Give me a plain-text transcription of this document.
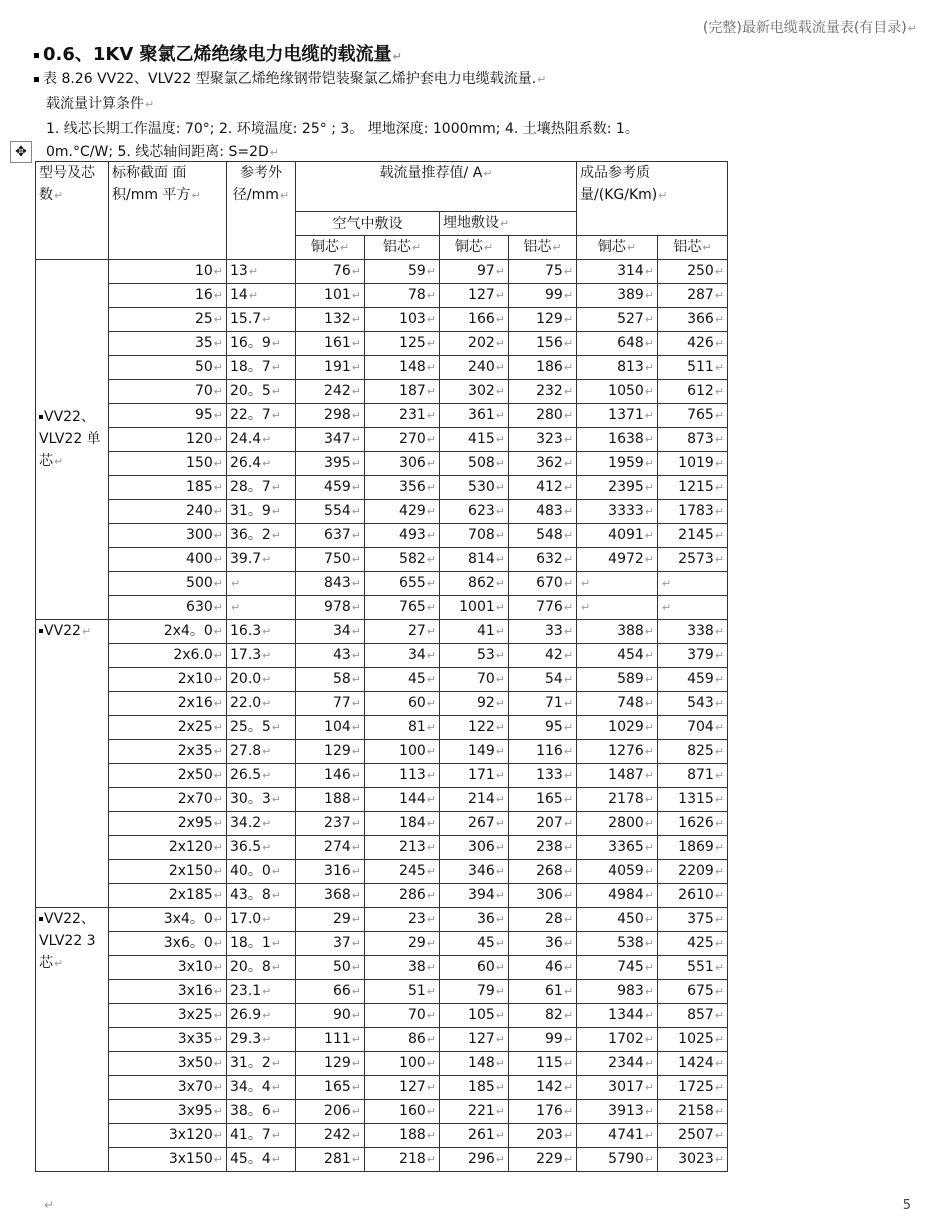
(完整)最新电缆载流量表(有目录)↵
0.6、1KV 聚氯乙烯绝缘电力电缆的载流量↵
表 8.26 VV22、VLV22 型聚氯乙烯绝缘钢带铠装聚氯乙烯护套电力电缆载流量.↵
载流量计算条件↵
1. 线芯长期工作温度: 70°; 2. 环境温度: 25° ; 3。 埋地深度: 1000mm; 4. 土壤热阻系数: 1。
0m.°C/W; 5. 线芯轴间距离: S=2D↵
✥
型号及芯数↵	标称截面 面积/mm 平方↵	参考外径/mm↵	载流量推荐值/ A↵				成品参考质量/(KG/Km)↵	
			空气中敷设		埋地敷设↵			
			铜芯↵	铝芯↵	铜芯↵	铝芯↵	铜芯↵	铝芯↵
VV22、VLV22 单芯↵	10↵	13↵	76↵	59↵	97↵	75↵	314↵	250↵
	16↵	14↵	101↵	78↵	127↵	99↵	389↵	287↵
	25↵	15.7↵	132↵	103↵	166↵	129↵	527↵	366↵
	35↵	16。9↵	161↵	125↵	202↵	156↵	648↵	426↵
	50↵	18。7↵	191↵	148↵	240↵	186↵	813↵	511↵
	70↵	20。5↵	242↵	187↵	302↵	232↵	1050↵	612↵
	95↵	22。7↵	298↵	231↵	361↵	280↵	1371↵	765↵
	120↵	24.4↵	347↵	270↵	415↵	323↵	1638↵	873↵
	150↵	26.4↵	395↵	306↵	508↵	362↵	1959↵	1019↵
	185↵	28。7↵	459↵	356↵	530↵	412↵	2395↵	1215↵
	240↵	31。9↵	554↵	429↵	623↵	483↵	3333↵	1783↵
	300↵	36。2↵	637↵	493↵	708↵	548↵	4091↵	2145↵
	400↵	39.7↵	750↵	582↵	814↵	632↵	4972↵	2573↵
	500↵	↵	843↵	655↵	862↵	670↵	↵	↵
	630↵	↵	978↵	765↵	1001↵	776↵	↵	↵
VV22↵	2x4。0↵	16.3↵	34↵	27↵	41↵	33↵	388↵	338↵
	2x6.0↵	17.3↵	43↵	34↵	53↵	42↵	454↵	379↵
	2x10↵	20.0↵	58↵	45↵	70↵	54↵	589↵	459↵
	2x16↵	22.0↵	77↵	60↵	92↵	71↵	748↵	543↵
	2x25↵	25。5↵	104↵	81↵	122↵	95↵	1029↵	704↵
	2x35↵	27.8↵	129↵	100↵	149↵	116↵	1276↵	825↵
	2x50↵	26.5↵	146↵	113↵	171↵	133↵	1487↵	871↵
	2x70↵	30。3↵	188↵	144↵	214↵	165↵	2178↵	1315↵
	2x95↵	34.2↵	237↵	184↵	267↵	207↵	2800↵	1626↵
	2x120↵	36.5↵	274↵	213↵	306↵	238↵	3365↵	1869↵
	2x150↵	40。0↵	316↵	245↵	346↵	268↵	4059↵	2209↵
	2x185↵	43。8↵	368↵	286↵	394↵	306↵	4984↵	2610↵
VV22、VLV22 3 芯↵	3x4。0↵	17.0↵	29↵	23↵	36↵	28↵	450↵	375↵
	3x6。0↵	18。1↵	37↵	29↵	45↵	36↵	538↵	425↵
	3x10↵	20。8↵	50↵	38↵	60↵	46↵	745↵	551↵
	3x16↵	23.1↵	66↵	51↵	79↵	61↵	983↵	675↵
	3x25↵	26.9↵	90↵	70↵	105↵	82↵	1344↵	857↵
	3x35↵	29.3↵	111↵	86↵	127↵	99↵	1702↵	1025↵
	3x50↵	31。2↵	129↵	100↵	148↵	115↵	2344↵	1424↵
	3x70↵	34。4↵	165↵	127↵	185↵	142↵	3017↵	1725↵
	3x95↵	38。6↵	206↵	160↵	221↵	176↵	3913↵	2158↵
	3x120↵	41。7↵	242↵	188↵	261↵	203↵	4741↵	2507↵
	3x150↵	45。4↵	281↵	218↵	296↵	229↵	5790↵	3023↵
↵	5
